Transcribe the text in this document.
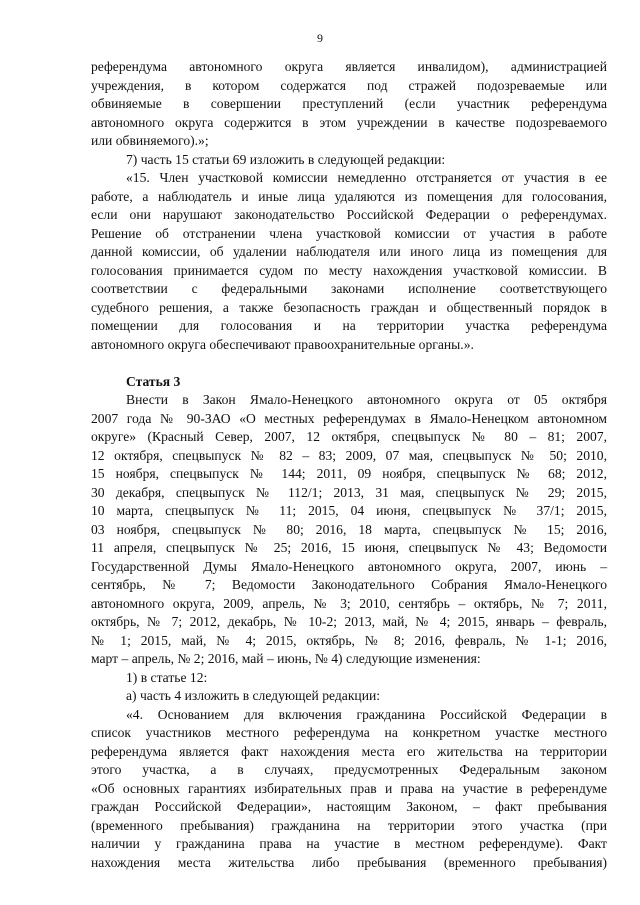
9
референдума автономного округа является инвалидом), администрацией
учреждения, в котором содержатся под стражей подозреваемые или
обвиняемые в совершении преступлений (если участник референдума
автономного округа содержится в этом учреждении в качестве подозреваемого
или обвиняемого).»;
7) часть 15 статьи 69 изложить в следующей редакции:
«15. Член участковой комиссии немедленно отстраняется от участия в ее
работе, а наблюдатель и иные лица удаляются из помещения для голосования,
если они нарушают законодательство Российской Федерации о референдумах.
Решение об отстранении члена участковой комиссии от участия в работе
данной комиссии, об удалении наблюдателя или иного лица из помещения для
голосования принимается судом по месту нахождения участковой комиссии. В
соответствии с федеральными законами исполнение соответствующего
судебного решения, а также безопасность граждан и общественный порядок в
помещении для голосования и на территории участка референдума
автономного округа обеспечивают правоохранительные органы.».
Статья 3
Внести в Закон Ямало-Ненецкого автономного округа от 05 октября
2007 года № 90-ЗАО «О местных референдумах в Ямало-Ненецком автономном
округе» (Красный Север, 2007, 12 октября, спецвыпуск № 80 – 81; 2007,
12 октября, спецвыпуск № 82 – 83; 2009, 07 мая, спецвыпуск № 50; 2010,
15 ноября, спецвыпуск № 144; 2011, 09 ноября, спецвыпуск № 68; 2012,
30 декабря, спецвыпуск № 112/1; 2013, 31 мая, спецвыпуск № 29; 2015,
10 марта, спецвыпуск № 11; 2015, 04 июня, спецвыпуск № 37/1; 2015,
03 ноября, спецвыпуск № 80; 2016, 18 марта, спецвыпуск № 15; 2016,
11 апреля, спецвыпуск № 25; 2016, 15 июня, спецвыпуск № 43; Ведомости
Государственной Думы Ямало-Ненецкого автономного округа, 2007, июнь –
сентябрь, № 7; Ведомости Законодательного Собрания Ямало-Ненецкого
автономного округа, 2009, апрель, № 3; 2010, сентябрь – октябрь, № 7; 2011,
октябрь, № 7; 2012, декабрь, № 10-2; 2013, май, № 4; 2015, январь – февраль,
№ 1; 2015, май, № 4; 2015, октябрь, № 8; 2016, февраль, № 1-1; 2016,
март – апрель, № 2; 2016, май – июнь, № 4) следующие изменения:
1) в статье 12:
а) часть 4 изложить в следующей редакции:
«4. Основанием для включения гражданина Российской Федерации в
список участников местного референдума на конкретном участке местного
референдума является факт нахождения места его жительства на территории
этого участка, а в случаях, предусмотренных Федеральным законом
«Об основных гарантиях избирательных прав и права на участие в референдуме
граждан Российской Федерации», настоящим Законом, – факт пребывания
(временного пребывания) гражданина на территории этого участка (при
наличии у гражданина права на участие в местном референдуме). Факт
нахождения места жительства либо пребывания (временного пребывания)
